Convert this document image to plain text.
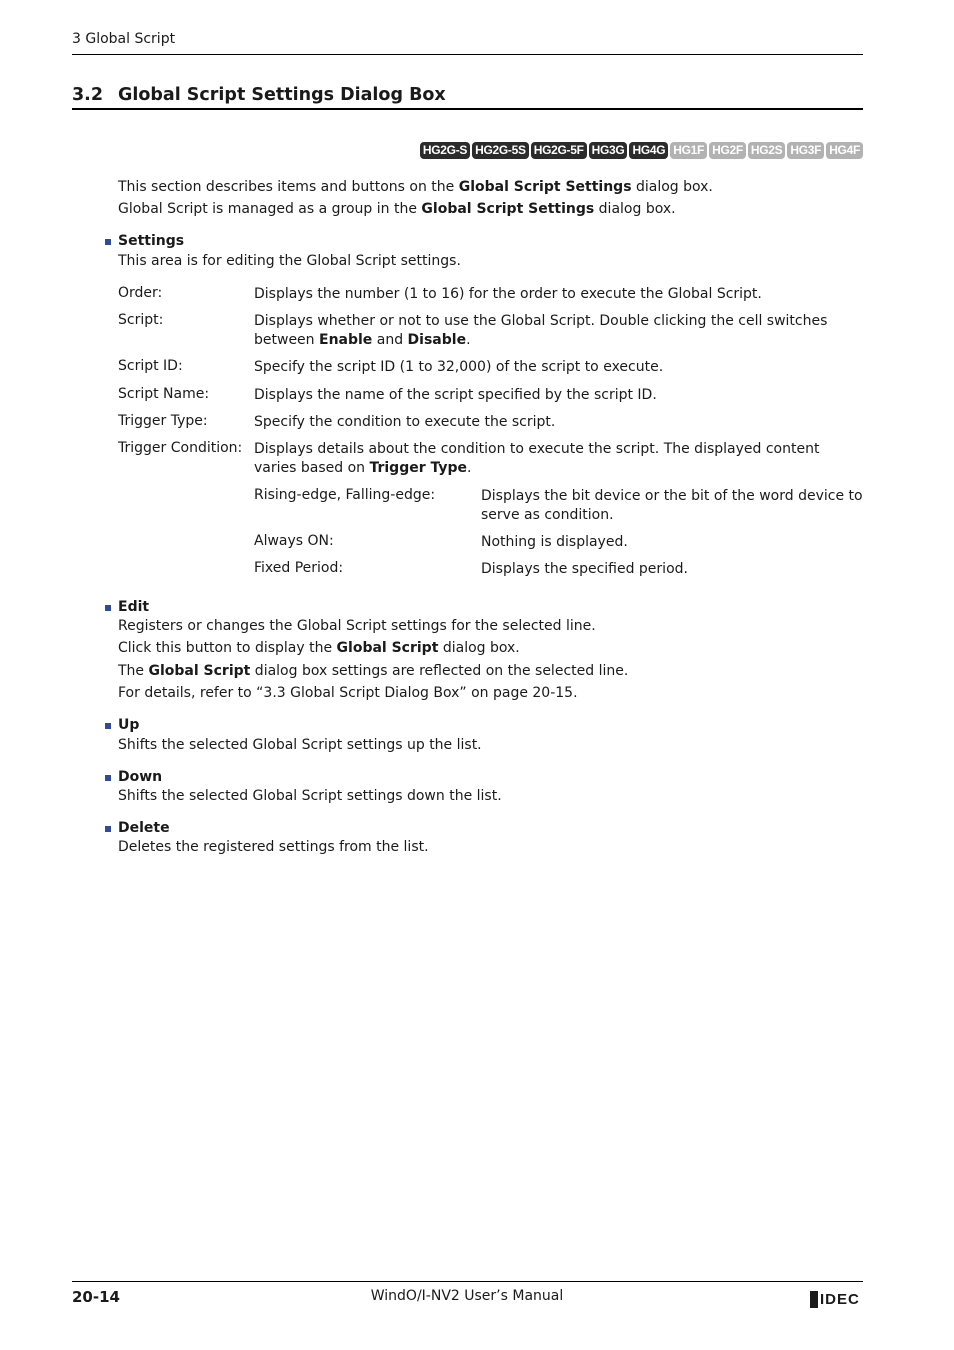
3 Global Script
3.2 Global Script Settings Dialog Box
HG2G-S HG2G-5S HG2G-5F HG3G HG4G HG1F HG2F HG2S HG3F HG4F
This section describes items and buttons on the Global Script Settings dialog box.
Global Script is managed as a group in the Global Script Settings dialog box.
Settings
This area is for editing the Global Script settings.
Order:	Displays the number (1 to 16) for the order to execute the Global Script.
Script:	Displays whether or not to use the Global Script. Double clicking the cell switches between Enable and Disable.
Script ID:	Specify the script ID (1 to 32,000) of the script to execute.
Script Name:	Displays the name of the script specified by the script ID.
Trigger Type:	Specify the condition to execute the script.
Trigger Condition: Displays details about the condition to execute the script. The displayed content varies based on Trigger Type.
Rising-edge, Falling-edge:	Displays the bit device or the bit of the word device to serve as condition.
Always ON:	Nothing is displayed.
Fixed Period:	Displays the specified period.
Edit
Registers or changes the Global Script settings for the selected line.
Click this button to display the Global Script dialog box.
The Global Script dialog box settings are reflected on the selected line.
For details, refer to “3.3 Global Script Dialog Box” on page 20-15.
Up
Shifts the selected Global Script settings up the list.
Down
Shifts the selected Global Script settings down the list.
Delete
Deletes the registered settings from the list.
20-14	WindO/I-NV2 User’s Manual	IDEC
